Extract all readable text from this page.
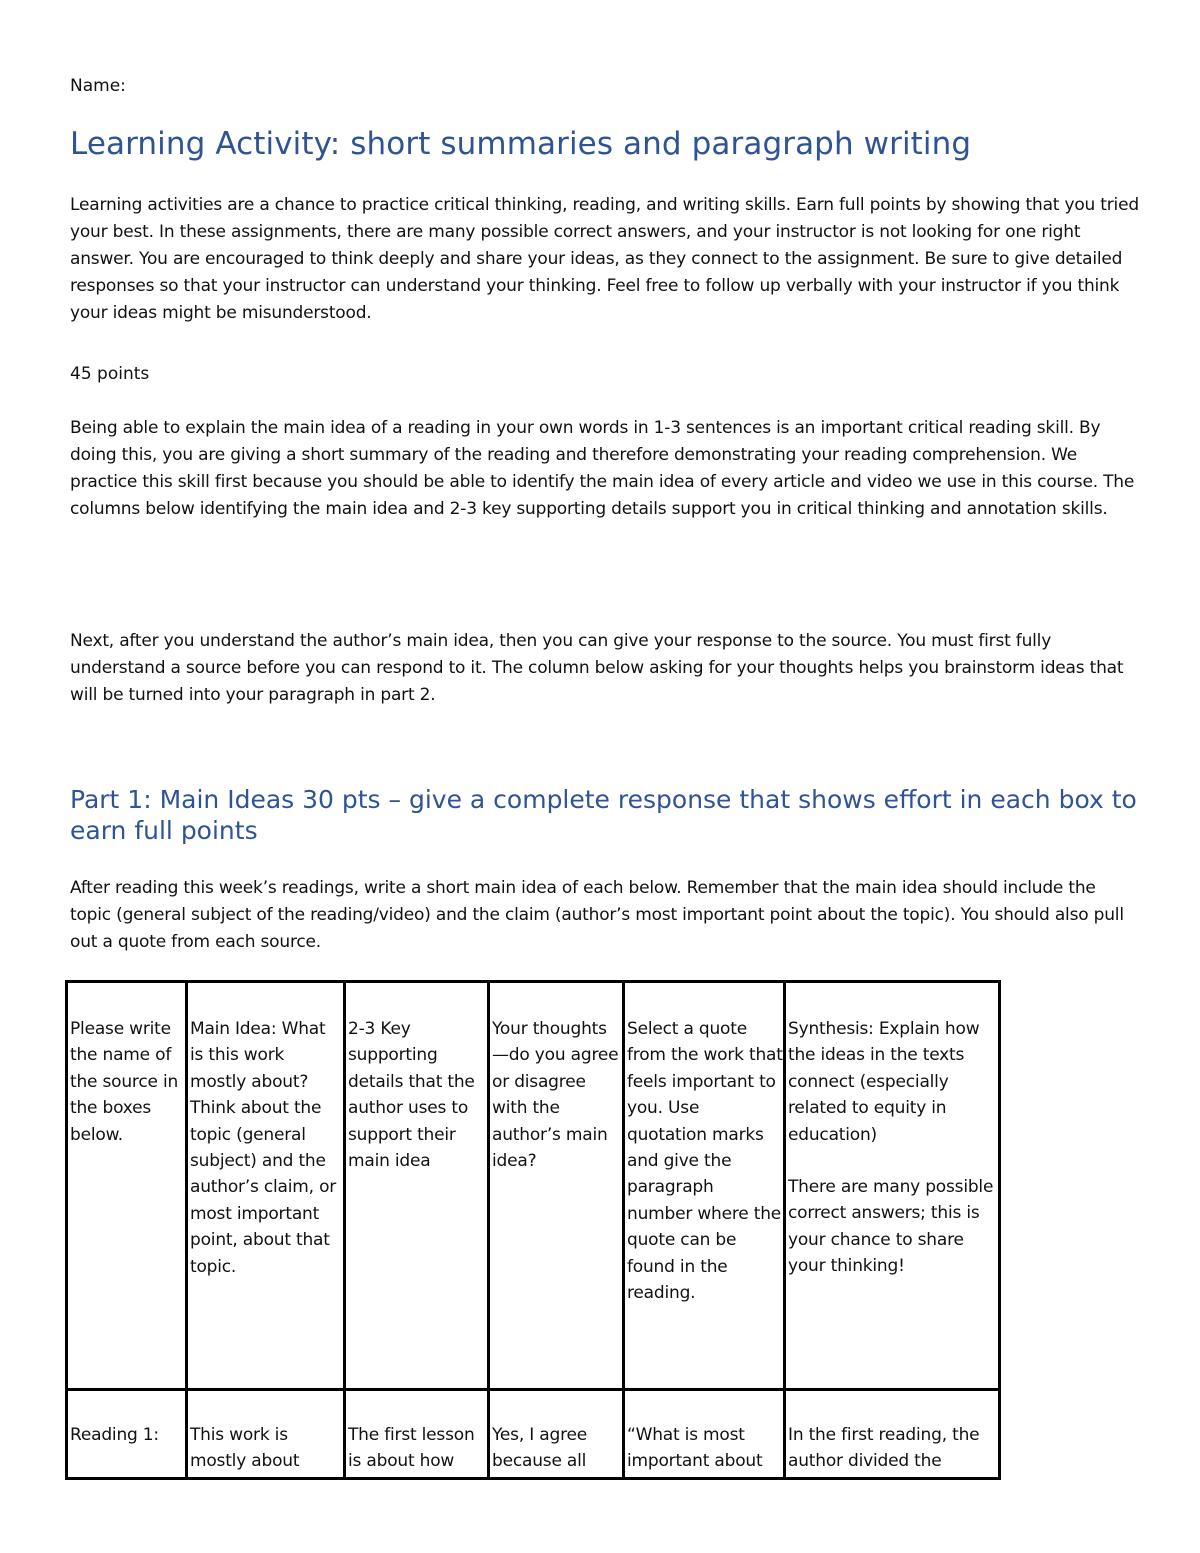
Name:
Learning Activity: short summaries and paragraph writing

Learning activities are a chance to practice critical thinking, reading, and writing skills. Earn full points by showing that you tried your best. In these assignments, there are many possible correct answers, and your instructor is not looking for one right answer. You are encouraged to think deeply and share your ideas, as they connect to the assignment. Be sure to give detailed responses so that your instructor can understand your thinking. Feel free to follow up verbally with your instructor if you think your ideas might be misunderstood.

45 points

Being able to explain the main idea of a reading in your own words in 1-3 sentences is an important critical reading skill. By doing this, you are giving a short summary of the reading and therefore demonstrating your reading comprehension. We practice this skill first because you should be able to identify the main idea of every article and video we use in this course. The columns below identifying the main idea and 2-3 key supporting details support you in critical thinking and annotation skills.

Next, after you understand the author’s main idea, then you can give your response to the source. You must first fully understand a source before you can respond to it. The column below asking for your thoughts helps you brainstorm ideas that will be turned into your paragraph in part 2.

Part 1: Main Ideas 30 pts – give a complete response that shows effort in each box to earn full points

After reading this week’s readings, write a short main idea of each below. Remember that the main idea should include the topic (general subject of the reading/video) and the claim (author’s most important point about the topic). You should also pull out a quote from each source.

Please write the name of the source in the boxes below.	Main Idea: What is this work mostly about? Think about the topic (general subject) and the author’s claim, or most important point, about that topic.	2-3 Key supporting details that the author uses to support their main idea	Your thoughts—do you agree or disagree with the author’s main idea?	Select a quote from the work that feels important to you. Use quotation marks and give the paragraph number where the quote can be found in the reading.	Synthesis: Explain how the ideas in the texts connect (especially related to equity in education)
There are many possible correct answers; this is your chance to share your thinking!
Reading 1:	This work is mostly about	The first lesson is about how	Yes, I agree because all	“What is most important about	In the first reading, the author divided the
